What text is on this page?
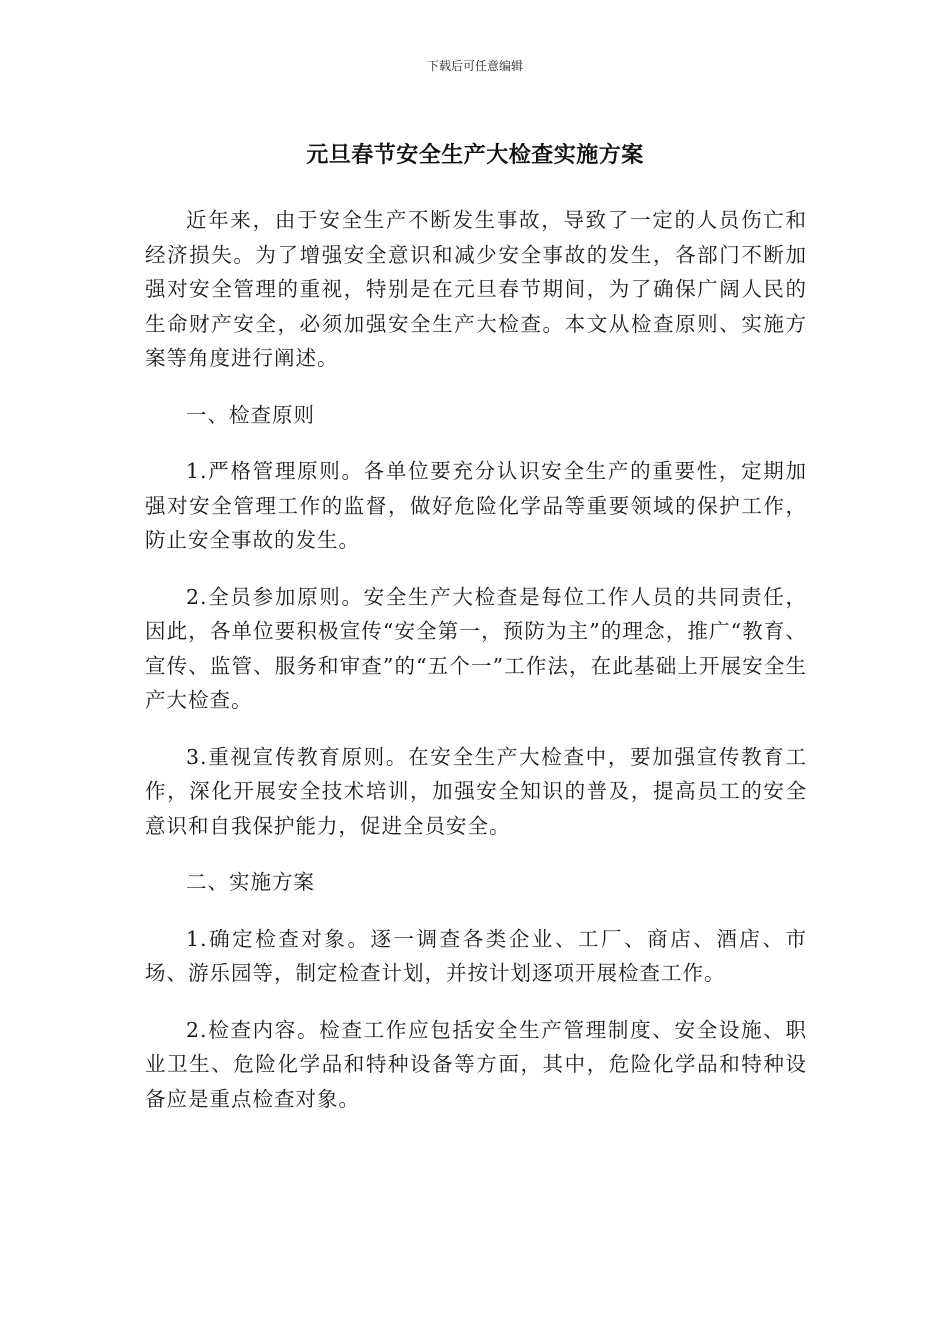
下载后可任意编辑
元旦春节安全生产大检查实施方案

近年来，由于安全生产不断发生事故，导致了一定的人员伤亡和经济损失。为了增强安全意识和减少安全事故的发生，各部门不断加强对安全管理的重视，特别是在元旦春节期间，为了确保广阔人民的生命财产安全，必须加强安全生产大检查。本文从检查原则、实施方案等角度进行阐述。

一、检查原则

1.严格管理原则。各单位要充分认识安全生产的重要性，定期加强对安全管理工作的监督，做好危险化学品等重要领域的保护工作，防止安全事故的发生。

2.全员参加原则。安全生产大检查是每位工作人员的共同责任，因此，各单位要积极宣传“安全第一，预防为主”的理念，推广“教育、宣传、监管、服务和审查”的“五个一”工作法，在此基础上开展安全生产大检查。

3.重视宣传教育原则。在安全生产大检查中，要加强宣传教育工作，深化开展安全技术培训，加强安全知识的普及，提高员工的安全意识和自我保护能力，促进全员安全。

二、实施方案

1.确定检查对象。逐一调查各类企业、工厂、商店、酒店、市场、游乐园等，制定检查计划，并按计划逐项开展检查工作。

2.检查内容。检查工作应包括安全生产管理制度、安全设施、职业卫生、危险化学品和特种设备等方面，其中，危险化学品和特种设备应是重点检查对象。
